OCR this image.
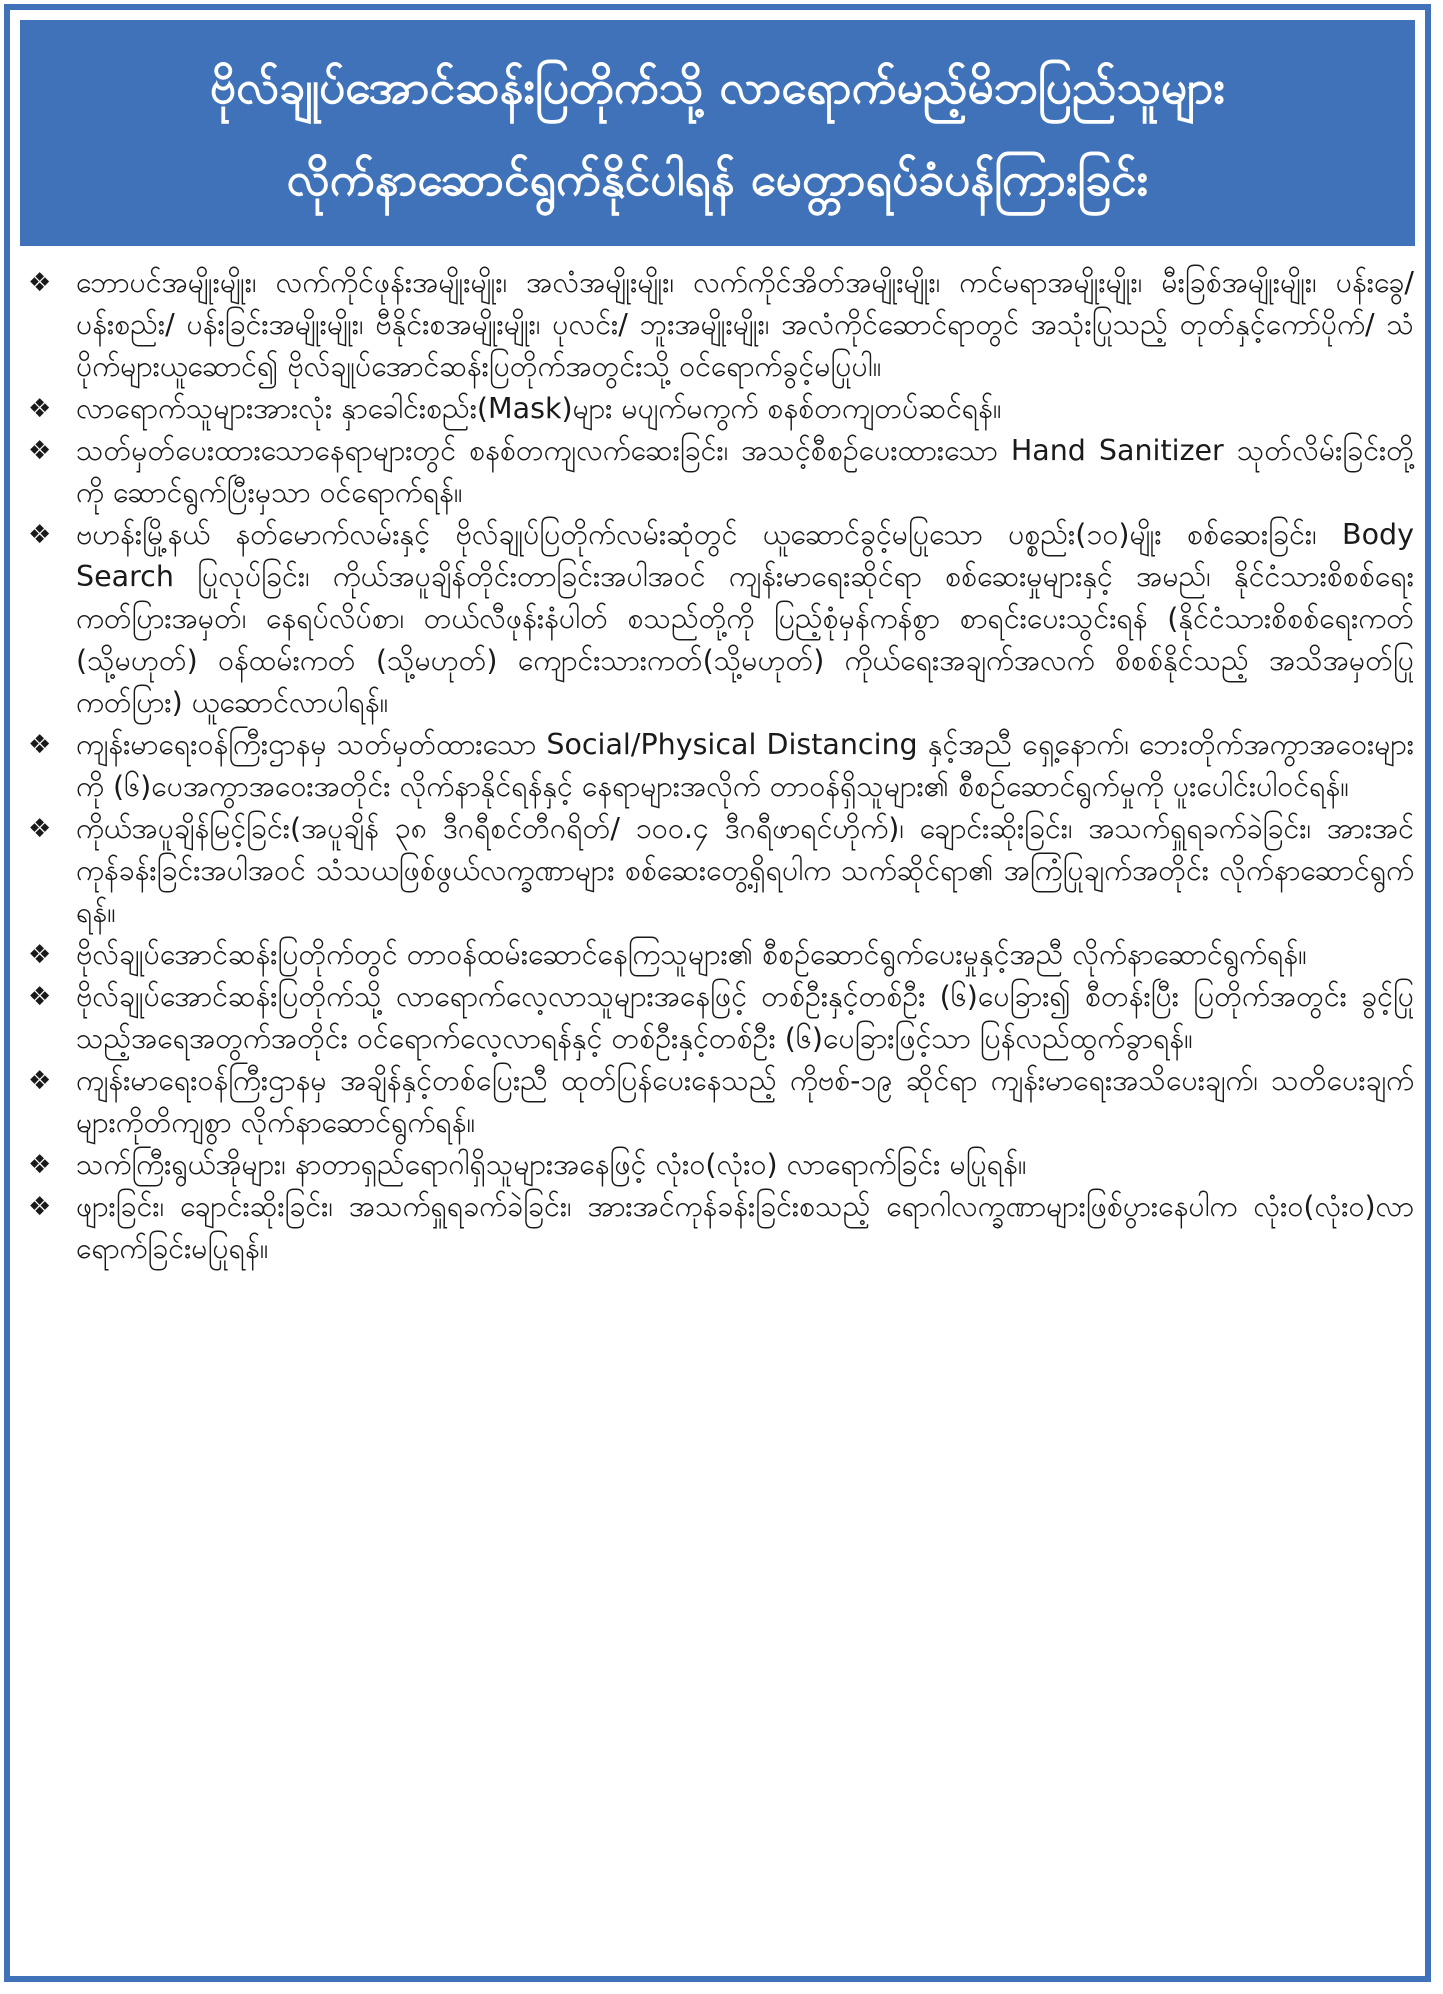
ဗိုလ်ချုပ်အောင်ဆန်းပြတိုက်သို့ လာရောက်မည့်မိဘပြည်သူများ
လိုက်နာဆောင်ရွက်နိုင်ပါရန် မေတ္တာရပ်ခံပန်ကြားခြင်း
❖ ဘောပင်အမျိုးမျိုး၊ လက်ကိုင်ဖုန်းအမျိုးမျိုး၊ အလံအမျိုးမျိုး၊ လက်ကိုင်အိတ်အမျိုးမျိုး၊ ကင်မရာအမျိုးမျိုး၊ မီးခြစ်အမျိုးမျိုး၊ ပန်းခွေ/ ပန်းစည်း/ ပန်းခြင်းအမျိုးမျိုး၊ ဗီနိုင်းစအမျိုးမျိုး၊ ပုလင်း/ ဘူးအမျိုးမျိုး၊ အလံကိုင်ဆောင်ရာတွင် အသုံးပြုသည့် တုတ်နှင့်ကော်ပိုက်/ သံပိုက်များယူဆောင်၍ ဗိုလ်ချုပ်အောင်ဆန်းပြတိုက်အတွင်းသို့ ဝင်ရောက်ခွင့်မပြုပါ။
❖ လာရောက်သူများအားလုံး နှာခေါင်းစည်း(Mask)များ မပျက်မကွက် စနစ်တကျတပ်ဆင်ရန်။
❖ သတ်မှတ်ပေးထားသောနေရာများတွင် စနစ်တကျလက်ဆေးခြင်း၊ အသင့်စီစဉ်ပေးထားသော Hand Sanitizer သုတ်လိမ်းခြင်းတို့ကို ဆောင်ရွက်ပြီးမှသာ ဝင်ရောက်ရန်။
❖ ဗဟန်းမြို့နယ် နတ်မောက်လမ်းနှင့် ဗိုလ်ချုပ်ပြတိုက်လမ်းဆုံတွင် ယူဆောင်ခွင့်မပြုသော ပစ္စည်း(၁၀)မျိုး စစ်ဆေးခြင်း၊ Body Search ပြုလုပ်ခြင်း၊ ကိုယ်အပူချိန်တိုင်းတာခြင်းအပါအဝင် ကျန်းမာရေးဆိုင်ရာ စစ်ဆေးမှုများနှင့် အမည်၊ နိုင်ငံသားစိစစ်ရေးကတ်ပြားအမှတ်၊ နေရပ်လိပ်စာ၊ တယ်လီဖုန်းနံပါတ် စသည်တို့ကို ပြည့်စုံမှန်ကန်စွာ စာရင်းပေးသွင်းရန် (နိုင်ငံသားစိစစ်ရေးကတ် (သို့မဟုတ်) ဝန်ထမ်းကတ် (သို့မဟုတ်) ကျောင်းသားကတ်(သို့မဟုတ်) ကိုယ်ရေးအချက်အလက် စိစစ်နိုင်သည့် အသိအမှတ်ပြုကတ်ပြား) ယူဆောင်လာပါရန်။
❖ ကျန်းမာရေးဝန်ကြီးဌာနမှ သတ်မှတ်ထားသော Social/Physical Distancing နှင့်အညီ ရှေ့နောက်၊ ဘေးတိုက်အကွာအဝေးများကို (၆)ပေအကွာအဝေးအတိုင်း လိုက်နာနိုင်ရန်နှင့် နေရာများအလိုက် တာဝန်ရှိသူများ၏ စီစဉ်ဆောင်ရွက်မှုကို ပူးပေါင်းပါဝင်ရန်။
❖ ကိုယ်အပူချိန်မြင့်ခြင်း(အပူချိန် ၃၈ ဒီဂရီစင်တီဂရိတ်/ ၁၀၀.၄ ဒီဂရီဖာရင်ဟိုက်)၊ ချောင်းဆိုးခြင်း၊ အသက်ရှူရခက်ခဲခြင်း၊ အားအင်ကုန်ခန်းခြင်းအပါအဝင် သံသယဖြစ်ဖွယ်လက္ခဏာများ စစ်ဆေးတွေ့ရှိရပါက သက်ဆိုင်ရာ၏ အကြံပြုချက်အတိုင်း လိုက်နာဆောင်ရွက်ရန်။
❖ ဗိုလ်ချုပ်အောင်ဆန်းပြတိုက်တွင် တာဝန်ထမ်းဆောင်နေကြသူများ၏ စီစဉ်ဆောင်ရွက်ပေးမှုနှင့်အညီ လိုက်နာဆောင်ရွက်ရန်။
❖ ဗိုလ်ချုပ်အောင်ဆန်းပြတိုက်သို့ လာရောက်လေ့လာသူများအနေဖြင့် တစ်ဦးနှင့်တစ်ဦး (၆)ပေခြား၍ စီတန်းပြီး ပြတိုက်အတွင်း ခွင့်ပြုသည့်အရေအတွက်အတိုင်း ဝင်ရောက်လေ့လာရန်နှင့် တစ်ဦးနှင့်တစ်ဦး (၆)ပေခြားဖြင့်သာ ပြန်လည်ထွက်ခွာရန်။
❖ ကျန်းမာရေးဝန်ကြီးဌာနမှ အချိန်နှင့်တစ်ပြေးညီ ထုတ်ပြန်ပေးနေသည့် ကိုဗစ်-၁၉ ဆိုင်ရာ ကျန်းမာရေးအသိပေးချက်၊ သတိပေးချက်များကိုတိကျစွာ လိုက်နာဆောင်ရွက်ရန်။
❖ သက်ကြီးရွယ်အိုများ၊ နာတာရှည်ရောဂါရှိသူများအနေဖြင့် လုံးဝ(လုံးဝ) လာရောက်ခြင်း မပြုရန်။
❖ ဖျားခြင်း၊ ချောင်းဆိုးခြင်း၊ အသက်ရှူရခက်ခဲခြင်း၊ အားအင်ကုန်ခန်းခြင်းစသည့် ရောဂါလက္ခဏာများဖြစ်ပွားနေပါက လုံးဝ(လုံးဝ)လာရောက်ခြင်းမပြုရန်။
